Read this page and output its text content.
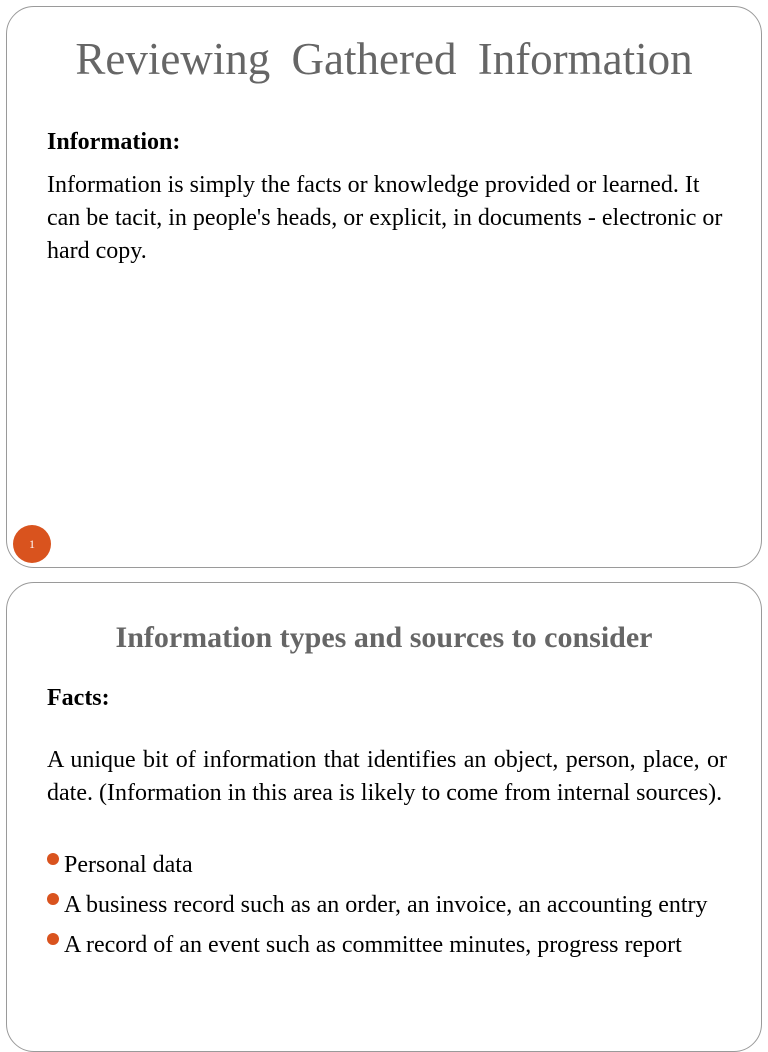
Reviewing Gathered Information

Information:

Information is simply the facts or knowledge provided or learned. It can be tacit, in people's heads, or explicit, in documents - electronic or hard copy.

1
Information types and sources to consider

Facts:

A unique bit of information that identifies an object, person, place, or date. (Information in this area is likely to come from internal sources).

Personal data
A business record such as an order, an invoice, an accounting entry
A record of an event such as committee minutes, progress report
